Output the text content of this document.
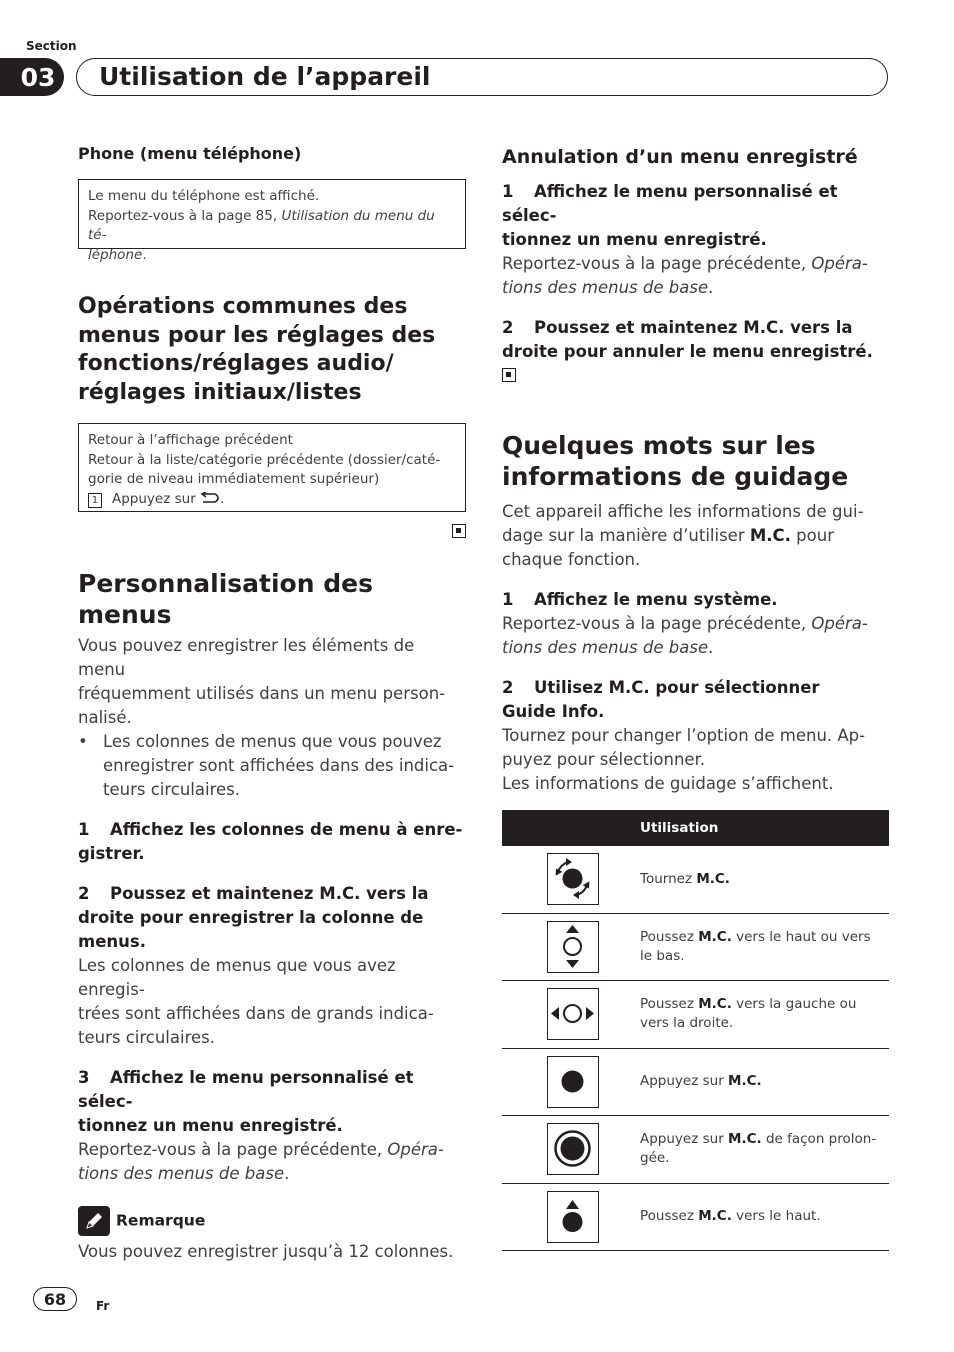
Section
03	Utilisation de l’appareil

Phone (menu téléphone)

Le menu du téléphone est affiché.

Reportez-vous à la page 85, Utilisation du menu du té-

léphone.

Opérations communes des
menus pour les réglages des
fonctions/réglages audio/
réglages initiaux/listes

Retour à l’affichage précédent

Retour à la liste/catégorie précédente (dossier/caté-

gorie de niveau immédiatement supérieur)

1 Appuyez sur .

Personnalisation des menus

Vous pouvez enregistrer les éléments de menu
fréquemment utilisés dans un menu person-
nalisé.

• Les colonnes de menus que vous pouvez
enregistrer sont affichées dans des indica-
teurs circulaires.

1 Affichez les colonnes de menu à enre-
gistrer.

2 Poussez et maintenez M.C. vers la
droite pour enregistrer la colonne de
menus.

Les colonnes de menus que vous avez enregis-
trées sont affichées dans de grands indica-
teurs circulaires.

3 Affichez le menu personnalisé et sélec-
tionnez un menu enregistré.

Reportez-vous à la page précédente, Opéra-
tions des menus de base.

Remarque

Vous pouvez enregistrer jusqu’à 12 colonnes.

Annulation d’un menu enregistré

1 Affichez le menu personnalisé et sélec-
tionnez un menu enregistré.

Reportez-vous à la page précédente, Opéra-
tions des menus de base.

2 Poussez et maintenez M.C. vers la
droite pour annuler le menu enregistré.

Quelques mots sur les
informations de guidage

Cet appareil affiche les informations de gui-
dage sur la manière d’utiliser M.C. pour
chaque fonction.

1 Affichez le menu système.

Reportez-vous à la page précédente, Opéra-
tions des menus de base.

2 Utilisez M.C. pour sélectionner
Guide Info.

Tournez pour changer l’option de menu. Ap-
puyez pour sélectionner.
Les informations de guidage s’affichent.

Utilisation	
	Tournez M.C.
	Poussez M.C. vers le haut ou vers
le bas.
	Poussez M.C. vers la gauche ou
vers la droite.
	Appuyez sur M.C.
	Appuyez sur M.C. de façon prolon-
gée.
	Poussez M.C. vers le haut.
68	Fr
